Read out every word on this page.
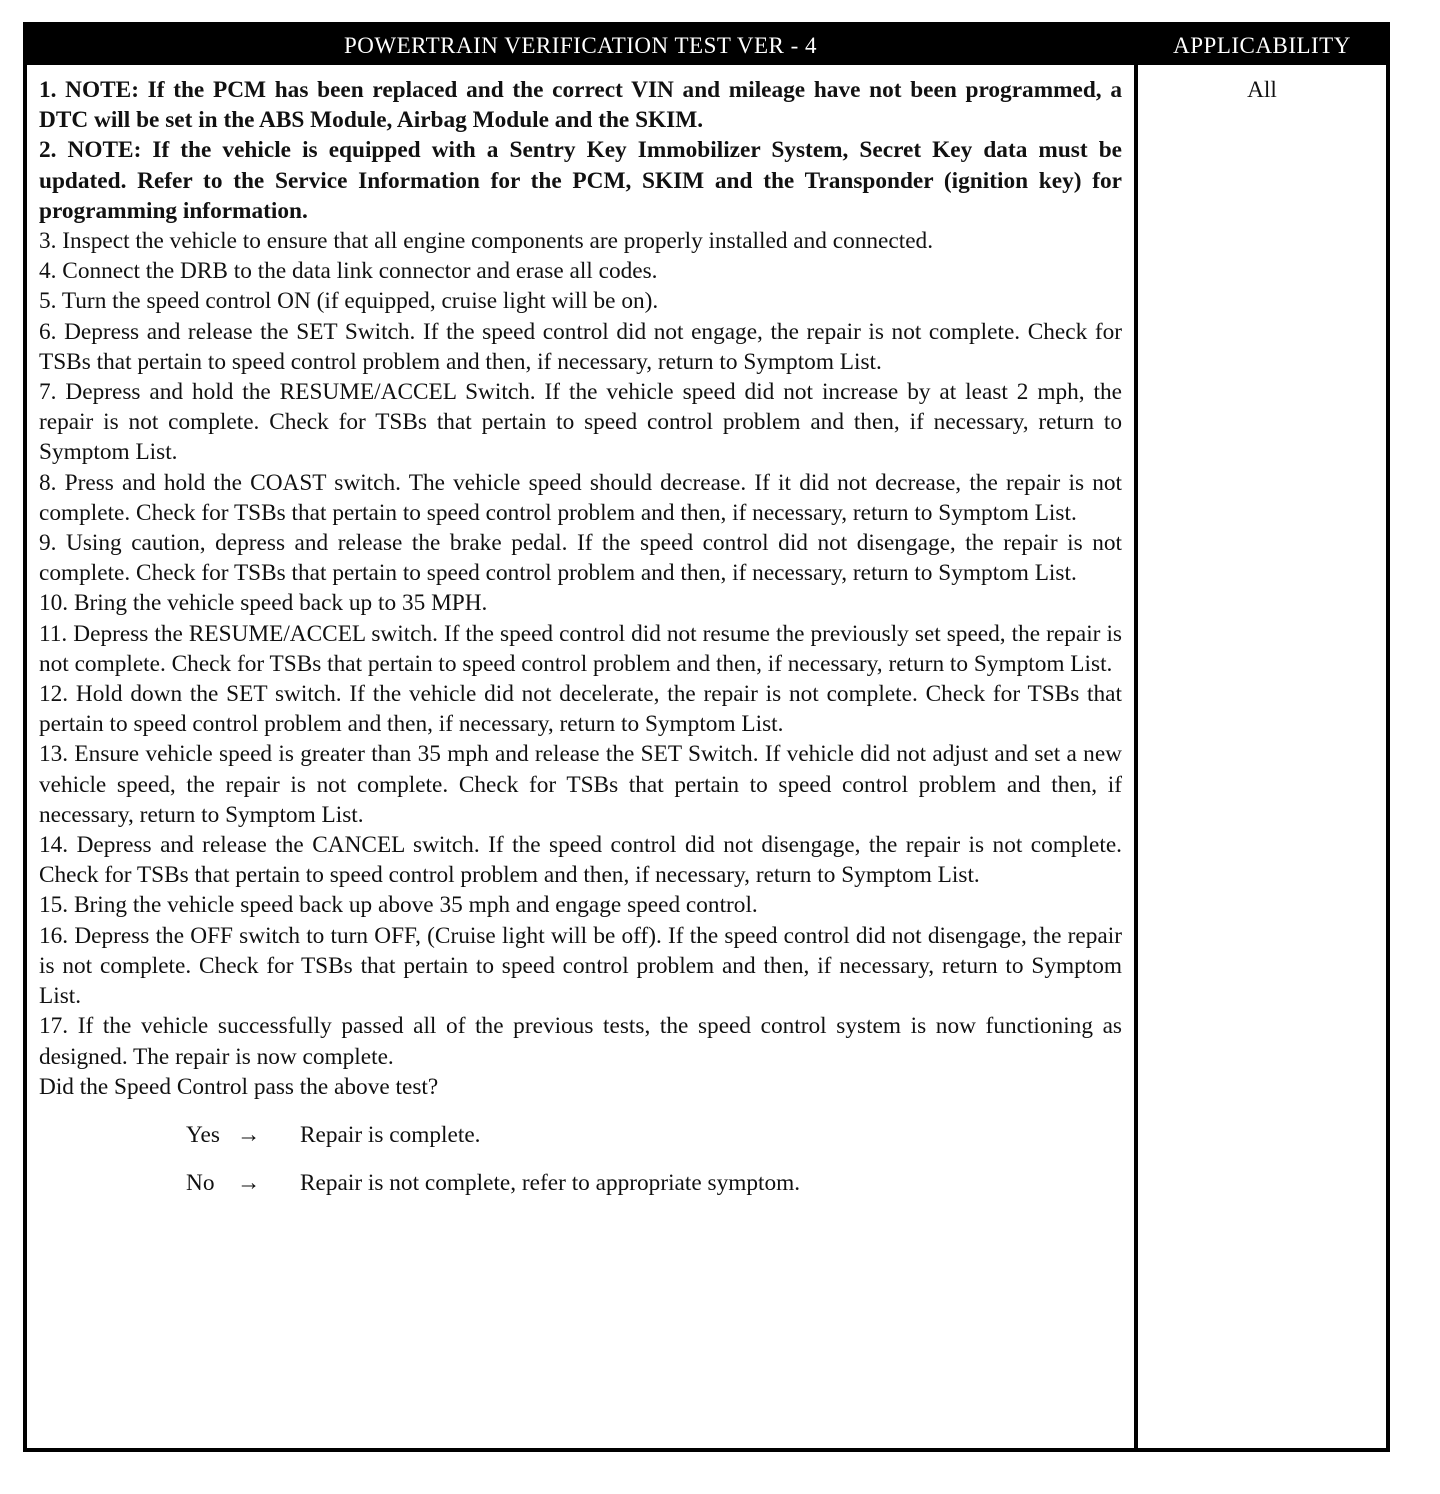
POWERTRAIN VERIFICATION TEST VER - 4	APPLICABILITY

1. NOTE: If the PCM has been replaced and the correct VIN and mileage have not been programmed, a DTC will be set in the ABS Module, Airbag Module and the SKIM.

2. NOTE: If the vehicle is equipped with a Sentry Key Immobilizer System, Secret Key data must be updated. Refer to the Service Information for the PCM, SKIM and the Transponder (ignition key) for programming information.

3. Inspect the vehicle to ensure that all engine components are properly installed and connected.

4. Connect the DRB to the data link connector and erase all codes.

5. Turn the speed control ON (if equipped, cruise light will be on).

6. Depress and release the SET Switch. If the speed control did not engage, the repair is not complete. Check for TSBs that pertain to speed control problem and then, if necessary, return to Symptom List.

7. Depress and hold the RESUME/ACCEL Switch. If the vehicle speed did not increase by at least 2 mph, the repair is not complete. Check for TSBs that pertain to speed control problem and then, if necessary, return to Symptom List.

8. Press and hold the COAST switch. The vehicle speed should decrease. If it did not decrease, the repair is not complete. Check for TSBs that pertain to speed control problem and then, if necessary, return to Symptom List.

9. Using caution, depress and release the brake pedal. If the speed control did not disengage, the repair is not complete. Check for TSBs that pertain to speed control problem and then, if necessary, return to Symptom List.

10. Bring the vehicle speed back up to 35 MPH.

11. Depress the RESUME/ACCEL switch. If the speed control did not resume the previously set speed, the repair is not complete. Check for TSBs that pertain to speed control problem and then, if necessary, return to Symptom List.

12. Hold down the SET switch. If the vehicle did not decelerate, the repair is not complete. Check for TSBs that pertain to speed control problem and then, if necessary, return to Symptom List.

13. Ensure vehicle speed is greater than 35 mph and release the SET Switch. If vehicle did not adjust and set a new vehicle speed, the repair is not complete. Check for TSBs that pertain to speed control problem and then, if necessary, return to Symptom List.

14. Depress and release the CANCEL switch. If the speed control did not disengage, the repair is not complete. Check for TSBs that pertain to speed control problem and then, if necessary, return to Symptom List.

15. Bring the vehicle speed back up above 35 mph and engage speed control.

16. Depress the OFF switch to turn OFF, (Cruise light will be off). If the speed control did not disengage, the repair is not complete. Check for TSBs that pertain to speed control problem and then, if necessary, return to Symptom List.

17. If the vehicle successfully passed all of the previous tests, the speed control system is now functioning as designed. The repair is now complete.

Did the Speed Control pass the above test?

Yes →	Repair is complete.
No →	Repair is not complete, refer to appropriate symptom.
All
